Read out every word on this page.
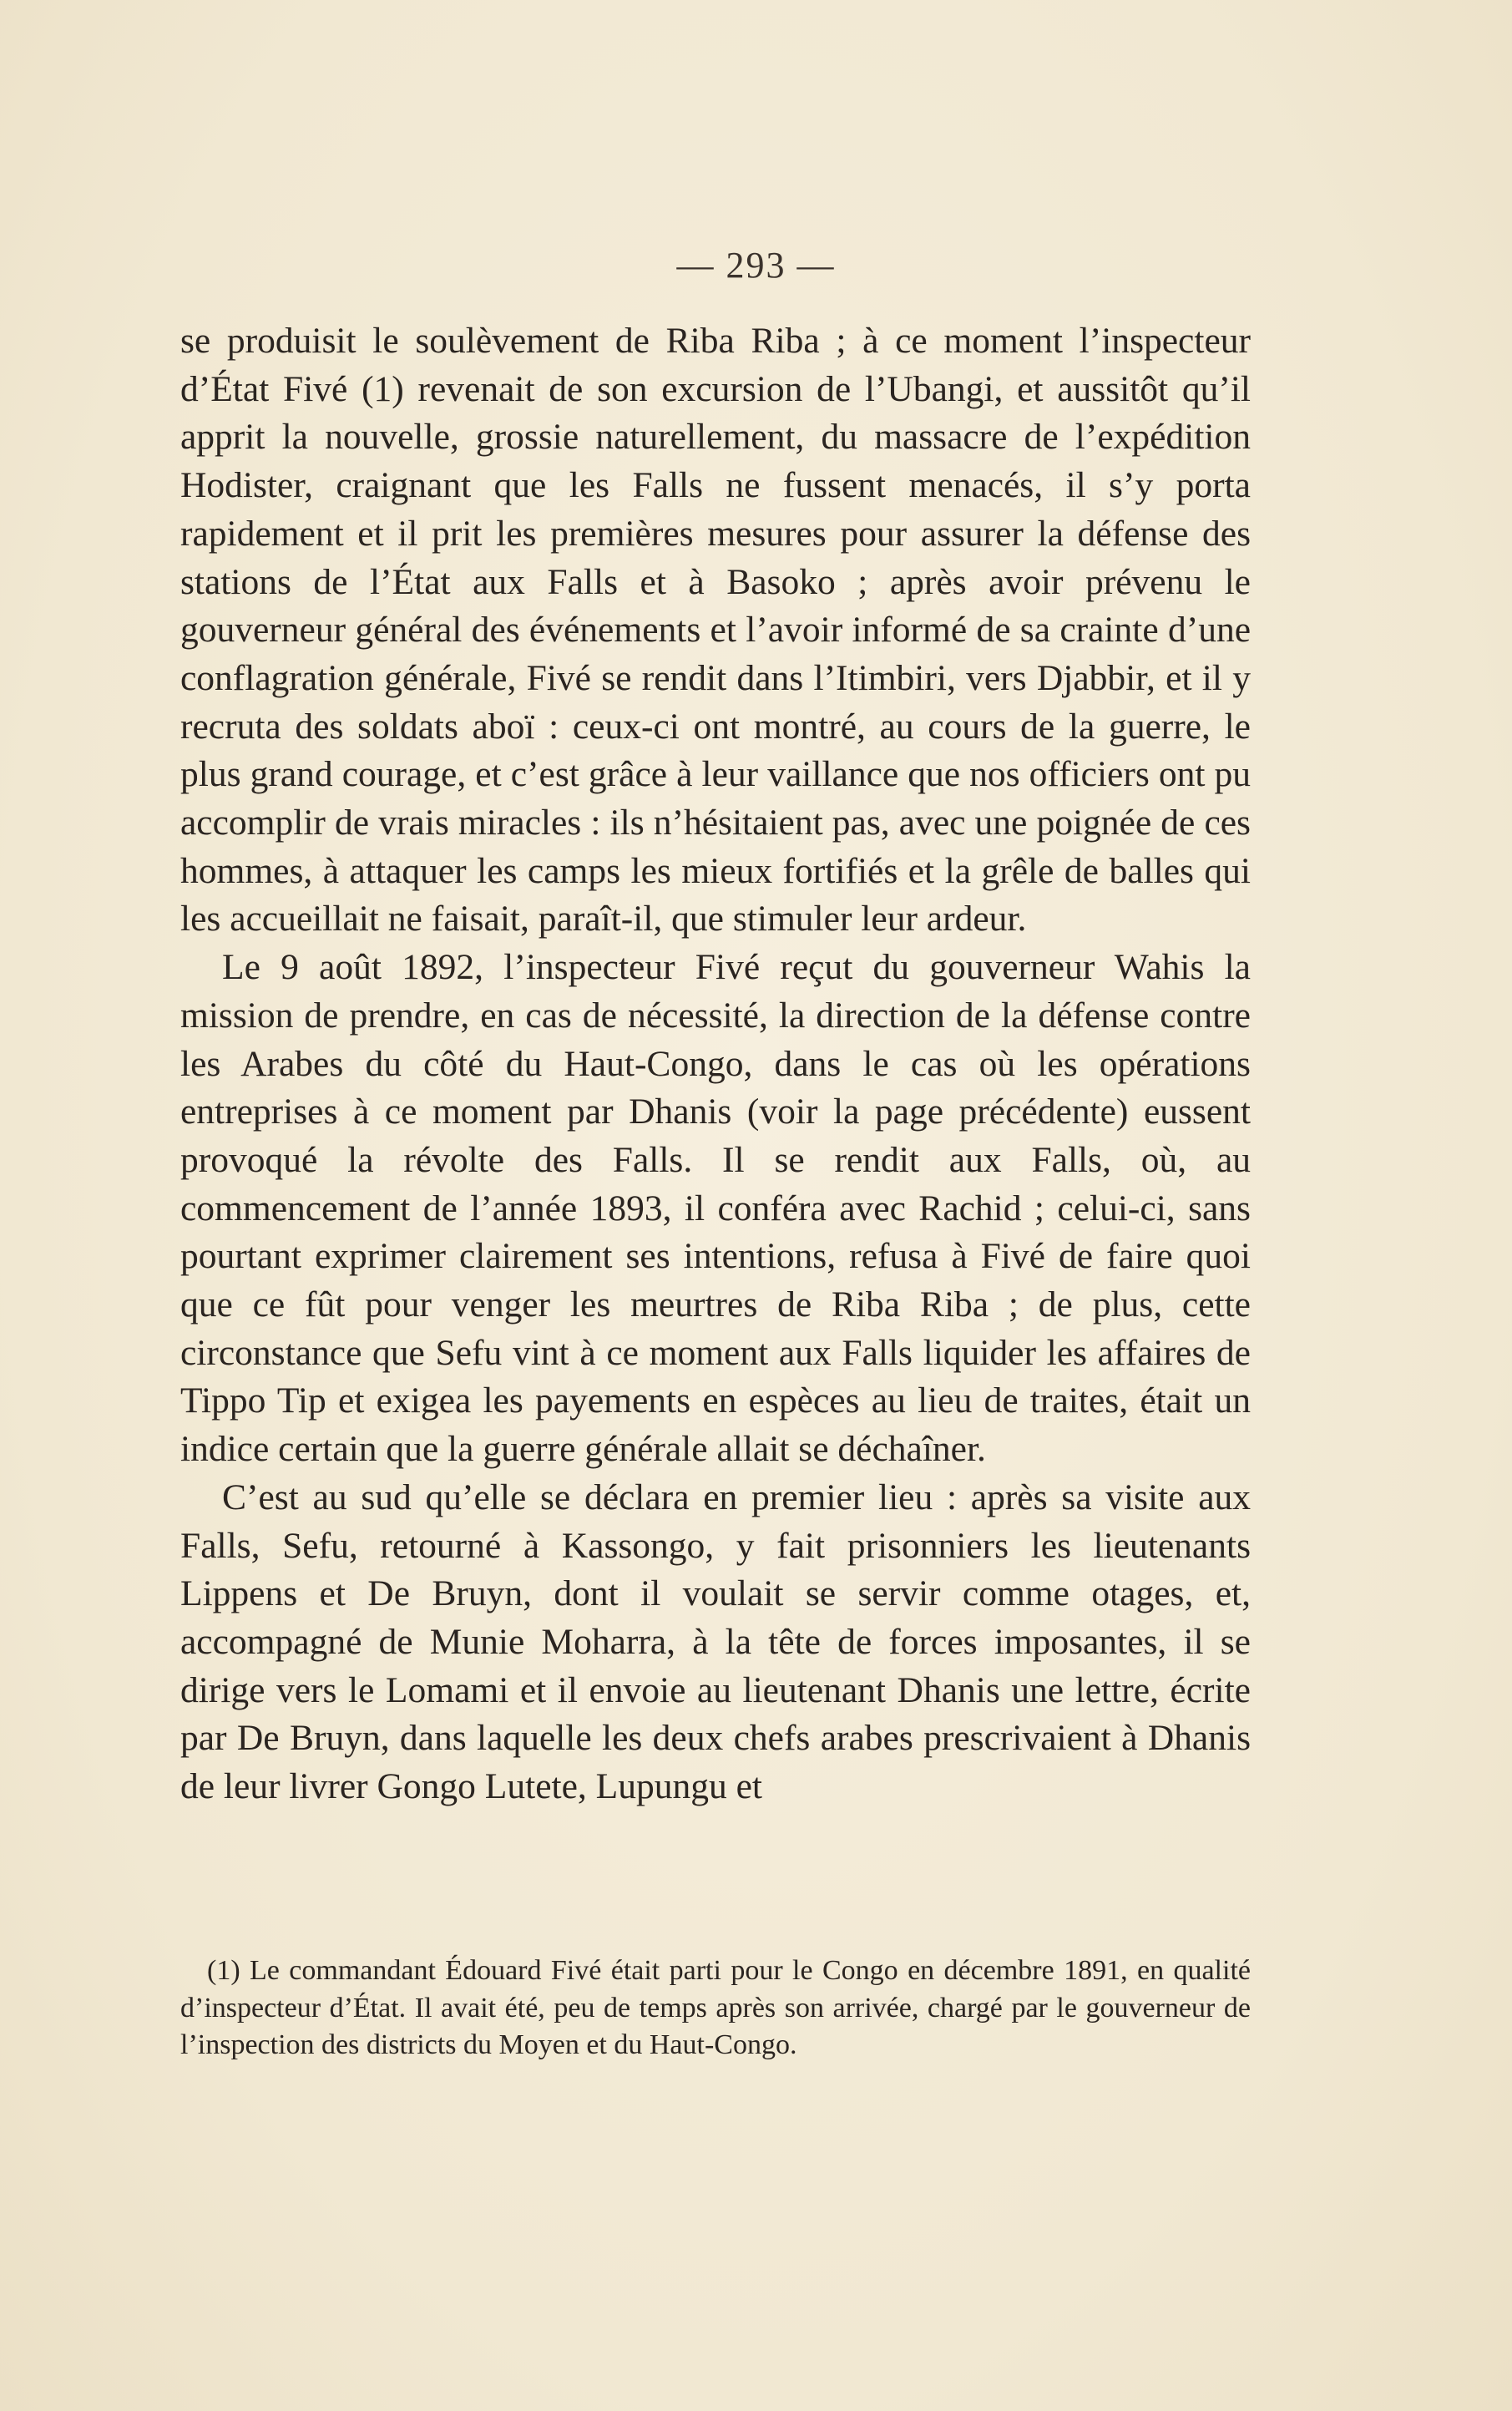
— 293 —

se produisit le soulèvement de Riba Riba ; à ce moment l’inspecteur d’État Fivé (1) revenait de son excursion de l’Ubangi, et aussitôt qu’il apprit la nouvelle, grossie naturellement, du massacre de l’expédition Hodister, craignant que les Falls ne fussent menacés, il s’y porta rapidement et il prit les premières mesures pour assurer la défense des stations de l’État aux Falls et à Basoko ; après avoir prévenu le gouverneur général des événements et l’avoir informé de sa crainte d’une conflagration générale, Fivé se rendit dans l’Itimbiri, vers Djabbir, et il y recruta des soldats aboï : ceux-ci ont montré, au cours de la guerre, le plus grand courage, et c’est grâce à leur vaillance que nos officiers ont pu accomplir de vrais miracles : ils n’hésitaient pas, avec une poignée de ces hommes, à attaquer les camps les mieux fortifiés et la grêle de balles qui les accueillait ne faisait, paraît-il, que stimuler leur ardeur.

Le 9 août 1892, l’inspecteur Fivé reçut du gouverneur Wahis la mission de prendre, en cas de nécessité, la direction de la défense contre les Arabes du côté du Haut-Congo, dans le cas où les opérations entreprises à ce moment par Dhanis (voir la page précédente) eussent provoqué la révolte des Falls. Il se rendit aux Falls, où, au commencement de l’année 1893, il conféra avec Rachid ; celui-ci, sans pourtant exprimer clairement ses intentions, refusa à Fivé de faire quoi que ce fût pour venger les meurtres de Riba Riba ; de plus, cette circonstance que Sefu vint à ce moment aux Falls liquider les affaires de Tippo Tip et exigea les payements en espèces au lieu de traites, était un indice certain que la guerre générale allait se déchaîner.

C’est au sud qu’elle se déclara en premier lieu : après sa visite aux Falls, Sefu, retourné à Kassongo, y fait prisonniers les lieutenants Lippens et De Bruyn, dont il voulait se servir comme otages, et, accompagné de Munie Moharra, à la tête de forces imposantes, il se dirige vers le Lomami et il envoie au lieutenant Dhanis une lettre, écrite par De Bruyn, dans laquelle les deux chefs arabes prescrivaient à Dhanis de leur livrer Gongo Lutete, Lupungu et

(1) Le commandant Édouard Fivé était parti pour le Congo en décembre 1891, en qualité d’inspecteur d’État. Il avait été, peu de temps après son arrivée, chargé par le gouverneur de l’inspection des districts du Moyen et du Haut-Congo.
